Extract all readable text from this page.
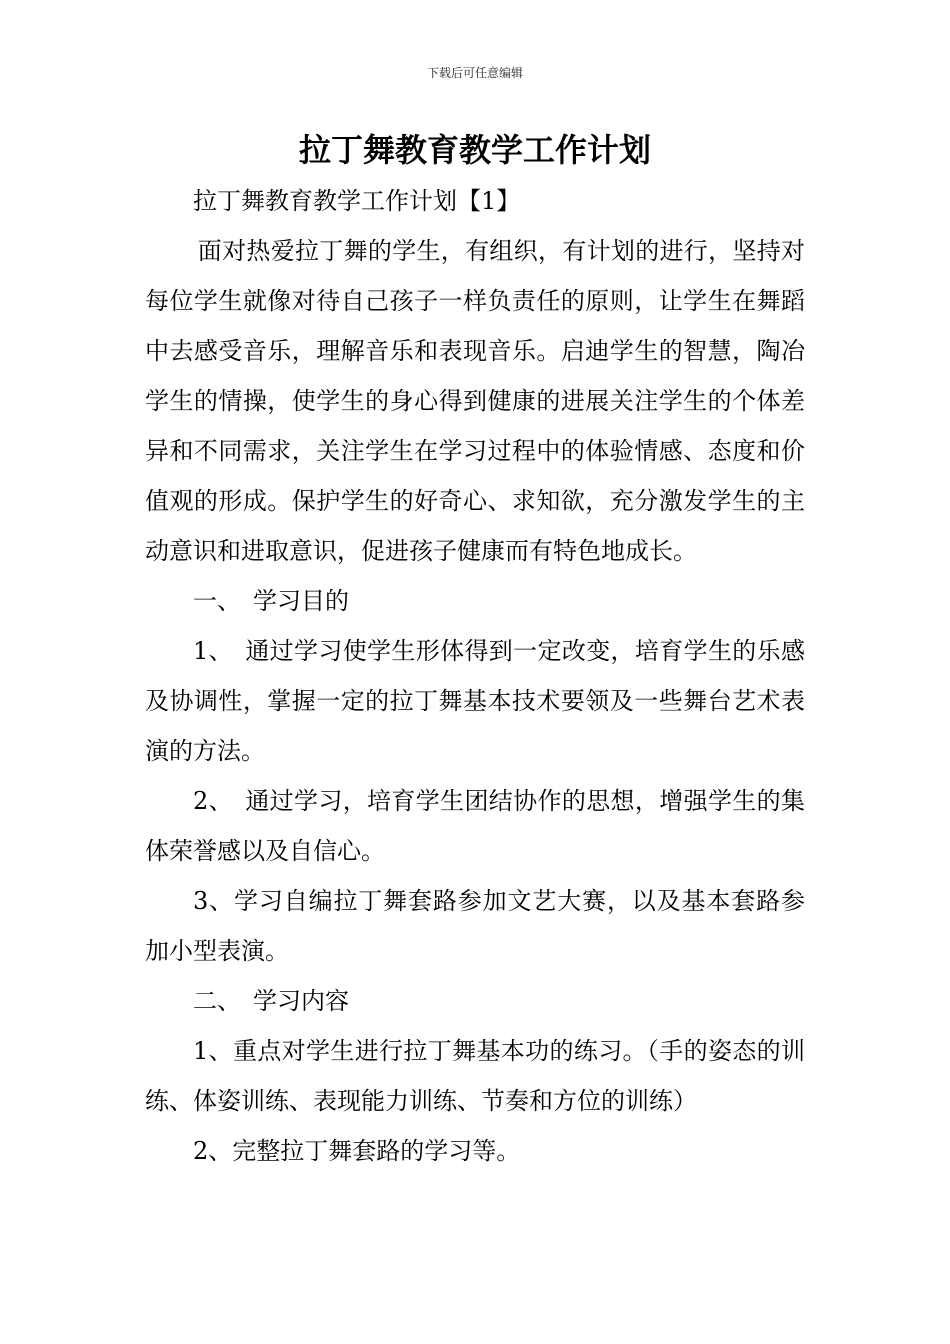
下载后可任意编辑
拉丁舞教育教学工作计划

拉丁舞教育教学工作计划【1】

面对热爱拉丁舞的学生，有组织，有计划的进行，坚持对每位学生就像对待自己孩子一样负责任的原则，让学生在舞蹈中去感受音乐，理解音乐和表现音乐。启迪学生的智慧，陶冶学生的情操，使学生的身心得到健康的进展关注学生的个体差异和不同需求，关注学生在学习过程中的体验情感、态度和价值观的形成。保护学生的好奇心、求知欲，充分激发学生的主动意识和进取意识，促进孩子健康而有特色地成长。

一、　学习目的

1、　通过学习使学生形体得到一定改变，培育学生的乐感及协调性，掌握一定的拉丁舞基本技术要领及一些舞台艺术表演的方法。

2、　通过学习，培育学生团结协作的思想，增强学生的集体荣誉感以及自信心。

3、学习自编拉丁舞套路参加文艺大赛，以及基本套路参加小型表演。

二、　学习内容

1、重点对学生进行拉丁舞基本功的练习。（手的姿态的训练、体姿训练、表现能力训练、节奏和方位的训练）

2、完整拉丁舞套路的学习等。
